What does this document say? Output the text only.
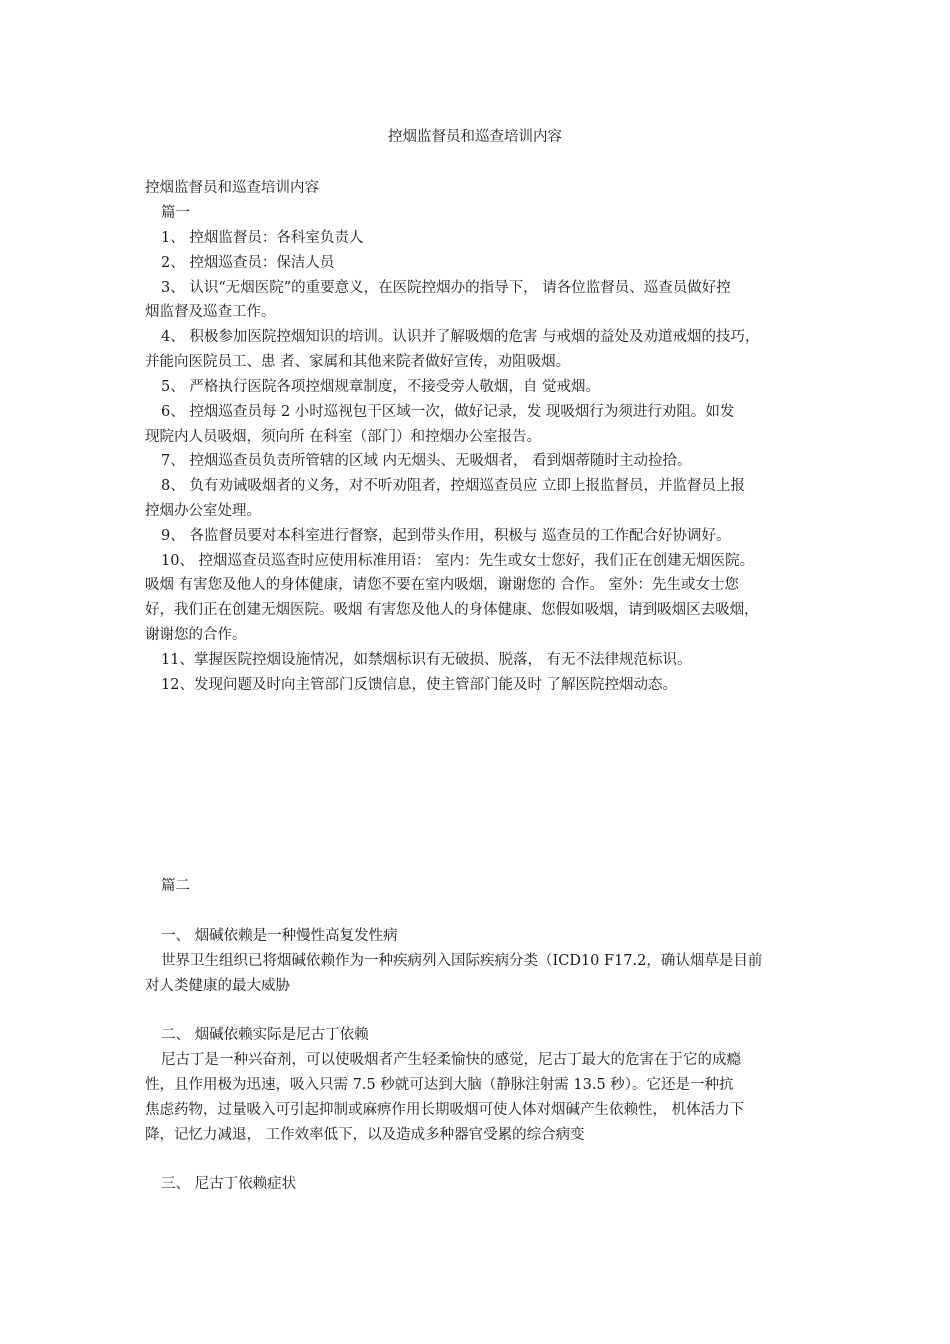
控烟监督员和巡查培训内容
控烟监督员和巡查培训内容
篇一
1、 控烟监督员：各科室负责人
2、 控烟巡查员：保洁人员
3、 认识“无烟医院”的重要意义，在医院控烟办的指导下， 请各位监督员、巡查员做好控
烟监督及巡查工作。
4、 积极参加医院控烟知识的培训。认识并了解吸烟的危害 与戒烟的益处及劝道戒烟的技巧，
并能向医院员工、患 者、家属和其他来院者做好宣传，劝阻吸烟。
5、 严格执行医院各项控烟规章制度，不接受旁人敬烟，自 觉戒烟。
6、 控烟巡查员每 2 小时巡视包干区域一次，做好记录，发 现吸烟行为须进行劝阻。如发
现院内人员吸烟，须向所 在科室（部门）和控烟办公室报告。
7、 控烟巡查员负责所管辖的区域 内无烟头、无吸烟者， 看到烟蒂随时主动捡拾。
8、 负有劝诫吸烟者的义务，对不听劝阻者，控烟巡查员应 立即上报监督员，并监督员上报
控烟办公室处理。
9、 各监督员要对本科室进行督察，起到带头作用，积极与 巡查员的工作配合好协调好。
10、 控烟巡查员巡查时应使用标准用语： 室内：先生或女士您好，我们正在创建无烟医院。
吸烟 有害您及他人的身体健康，请您不要在室内吸烟，谢谢您的 合作。 室外：先生或女士您
好，我们正在创建无烟医院。吸烟 有害您及他人的身体健康、您假如吸烟，请到吸烟区去吸烟，
谢谢您的合作。
11、掌握医院控烟设施情况，如禁烟标识有无破损、脱落， 有无不法律规范标识。
12、发现问题及时向主管部门反馈信息，使主管部门能及时 了解医院控烟动态。
篇二
一、 烟碱依赖是一种慢性高复发性病
世界卫生组织已将烟碱依赖作为一种疾病列入国际疾病分类（ICD10 F17.2，确认烟草是目前
对人类健康的最大威胁
二、 烟碱依赖实际是尼古丁依赖
尼古丁是一种兴奋剂，可以使吸烟者产生轻柔愉快的感觉，尼古丁最大的危害在于它的成瘾
性，且作用极为迅速，吸入只需 7.5 秒就可达到大脑（静脉注射需 13.5 秒）。它还是一种抗
焦虑药物，过量吸入可引起抑制或麻痹作用长期吸烟可使人体对烟碱产生依赖性， 机体活力下
降，记忆力减退， 工作效率低下，以及造成多种器官受累的综合病变
三、 尼古丁依赖症状
